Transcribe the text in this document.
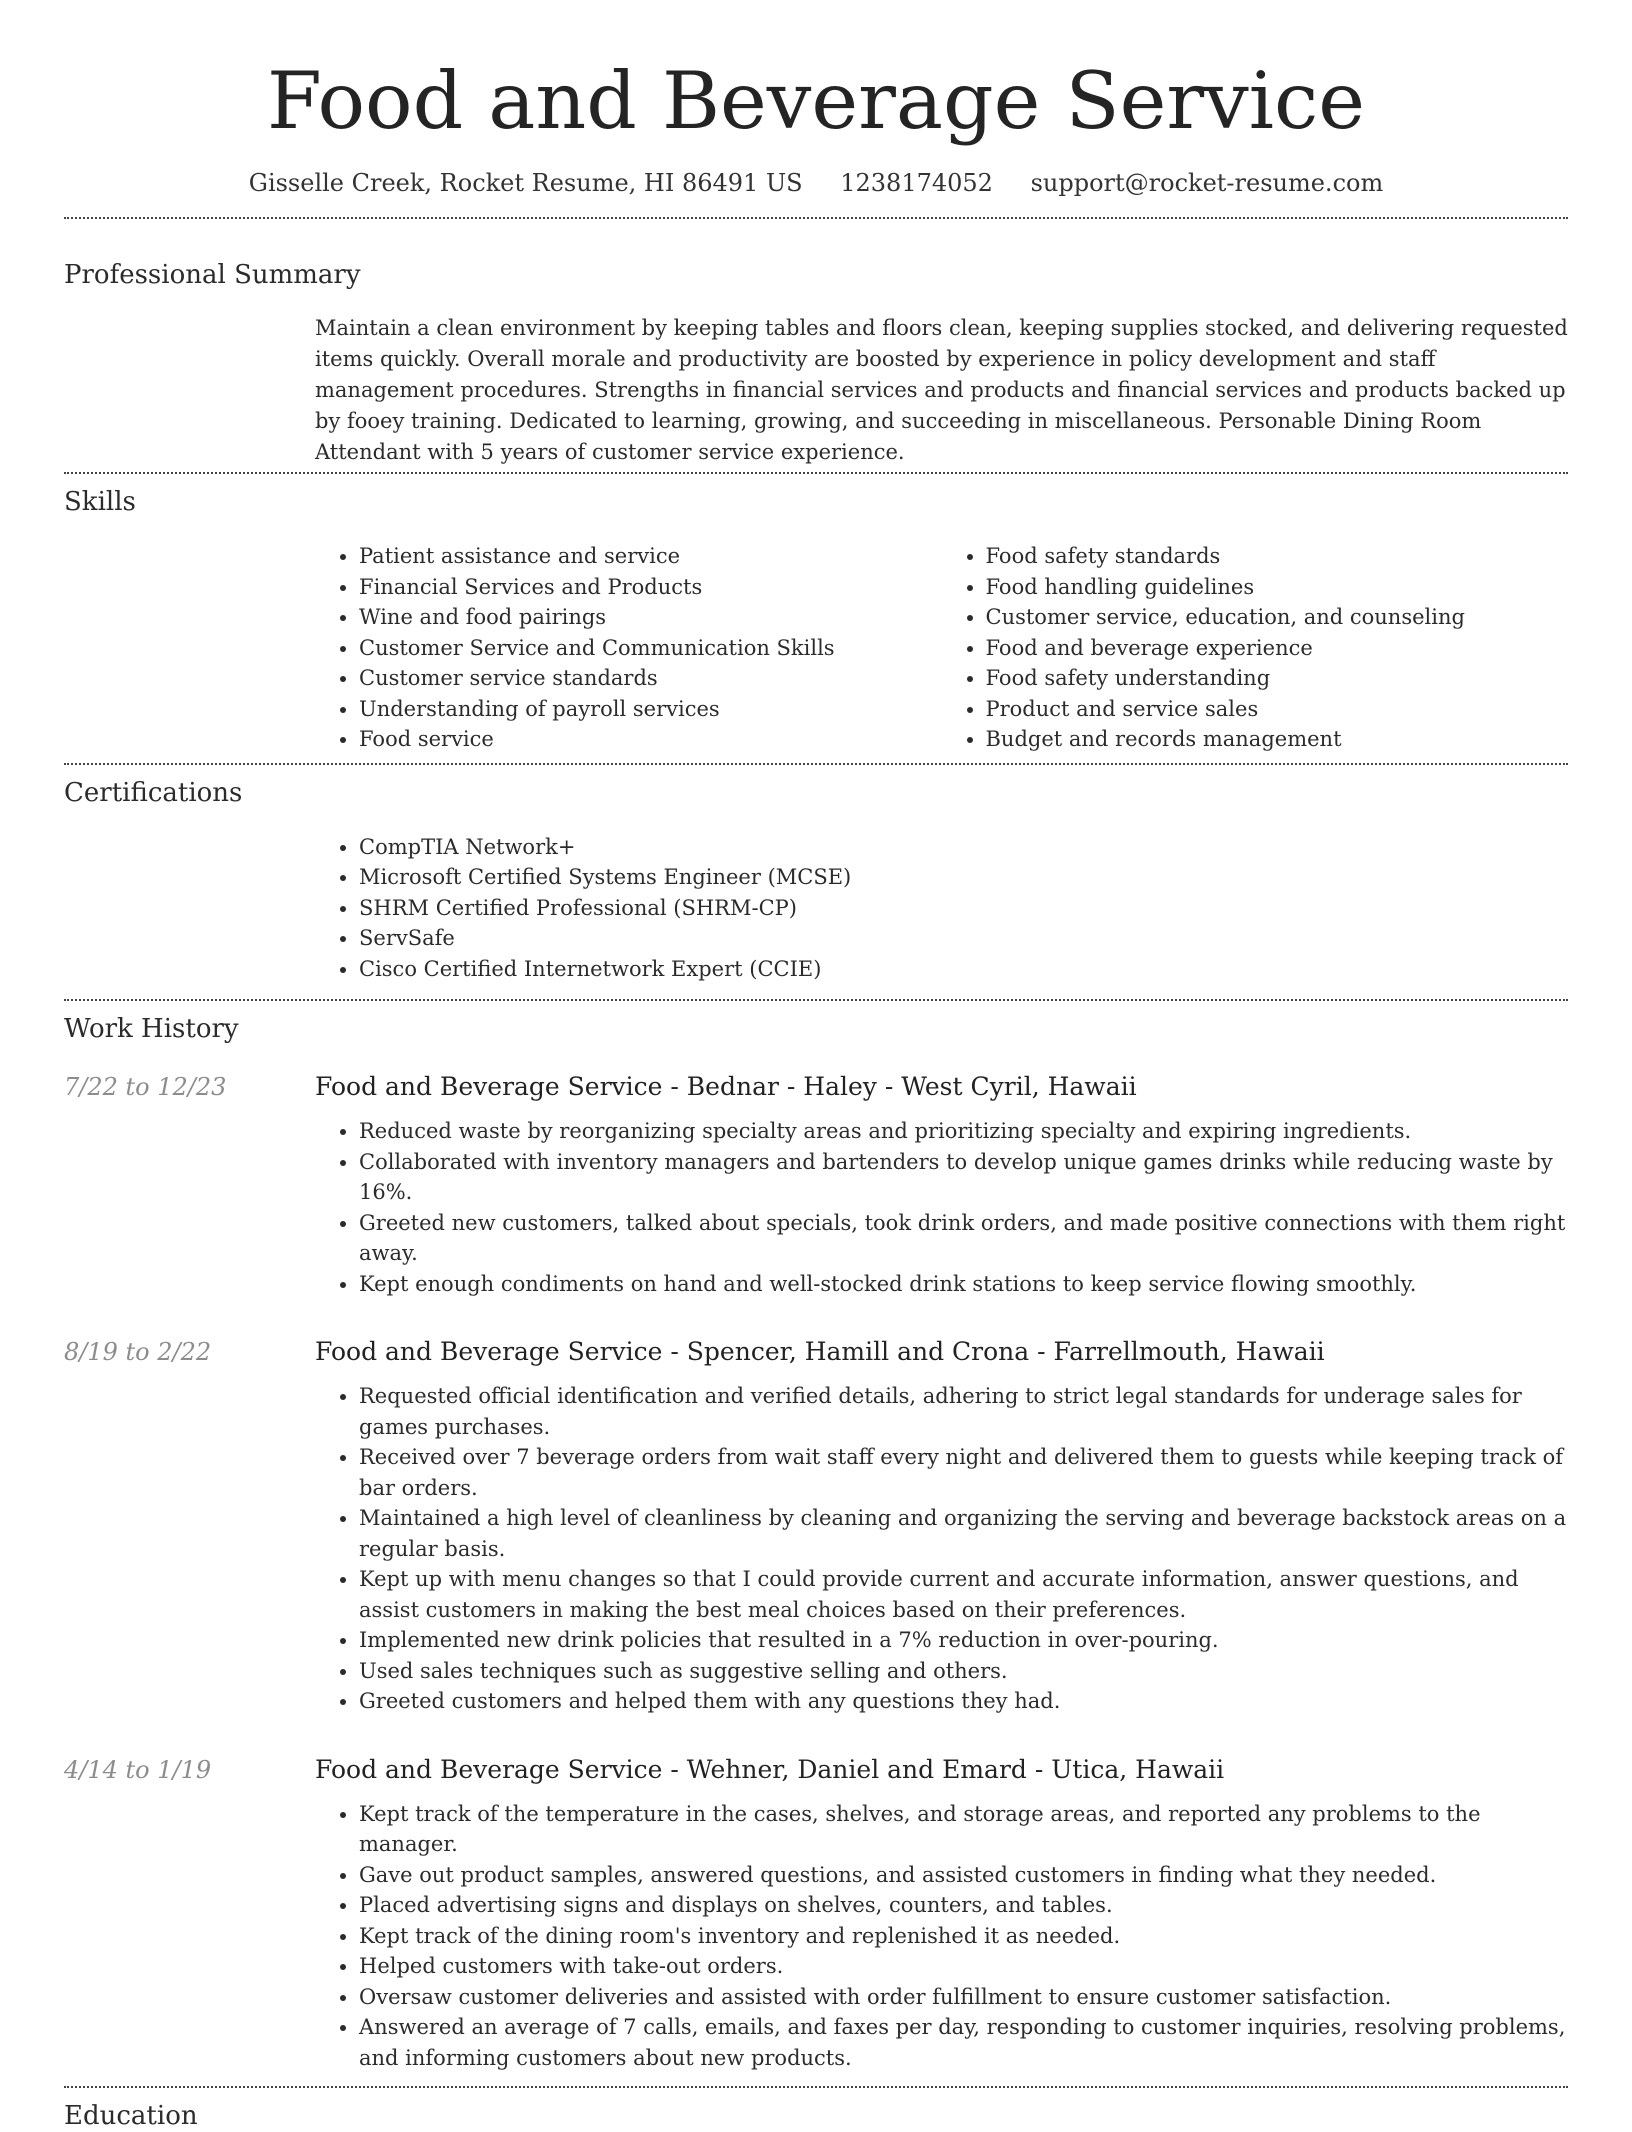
Food and Beverage Service
Gisselle Creek, Rocket Resume, HI 86491 US 1238174052 support@rocket-resume.com
Professional Summary

Maintain a clean environment by keeping tables and floors clean, keeping supplies stocked, and delivering requested items quickly. Overall morale and productivity are boosted by experience in policy development and staff management procedures. Strengths in financial services and products and financial services and products backed up by fooey training. Dedicated to learning, growing, and succeeding in miscellaneous. Personable Dining Room Attendant with 5 years of customer service experience.

Skills
• Patient assistance and service
• Financial Services and Products
• Wine and food pairings
• Customer Service and Communication Skills
• Customer service standards
• Understanding of payroll services
• Food service
• Food safety standards
• Food handling guidelines
• Customer service, education, and counseling
• Food and beverage experience
• Food safety understanding
• Product and service sales
• Budget and records management
Certifications
• CompTIA Network+
• Microsoft Certified Systems Engineer (MCSE)
• SHRM Certified Professional (SHRM-CP)
• ServSafe
• Cisco Certified Internetwork Expert (CCIE)
Work History
7/22 to 12/23	Food and Beverage Service - Bednar - Haley - West Cyril, Hawaii
• Reduced waste by reorganizing specialty areas and prioritizing specialty and expiring ingredients.
• Collaborated with inventory managers and bartenders to develop unique games drinks while reducing waste by 16%.
• Greeted new customers, talked about specials, took drink orders, and made positive connections with them right away.
• Kept enough condiments on hand and well-stocked drink stations to keep service flowing smoothly.
8/19 to 2/22	Food and Beverage Service - Spencer, Hamill and Crona - Farrellmouth, Hawaii
• Requested official identification and verified details, adhering to strict legal standards for underage sales for games purchases.
• Received over 7 beverage orders from wait staff every night and delivered them to guests while keeping track of bar orders.
• Maintained a high level of cleanliness by cleaning and organizing the serving and beverage backstock areas on a regular basis.
• Kept up with menu changes so that I could provide current and accurate information, answer questions, and assist customers in making the best meal choices based on their preferences.
• Implemented new drink policies that resulted in a 7% reduction in over-pouring.
• Used sales techniques such as suggestive selling and others.
• Greeted customers and helped them with any questions they had.
4/14 to 1/19	Food and Beverage Service - Wehner, Daniel and Emard - Utica, Hawaii
• Kept track of the temperature in the cases, shelves, and storage areas, and reported any problems to the manager.
• Gave out product samples, answered questions, and assisted customers in finding what they needed.
• Placed advertising signs and displays on shelves, counters, and tables.
• Kept track of the dining room's inventory and replenished it as needed.
• Helped customers with take-out orders.
• Oversaw customer deliveries and assisted with order fulfillment to ensure customer satisfaction.
• Answered an average of 7 calls, emails, and faxes per day, responding to customer inquiries, resolving problems, and informing customers about new products.
Education
